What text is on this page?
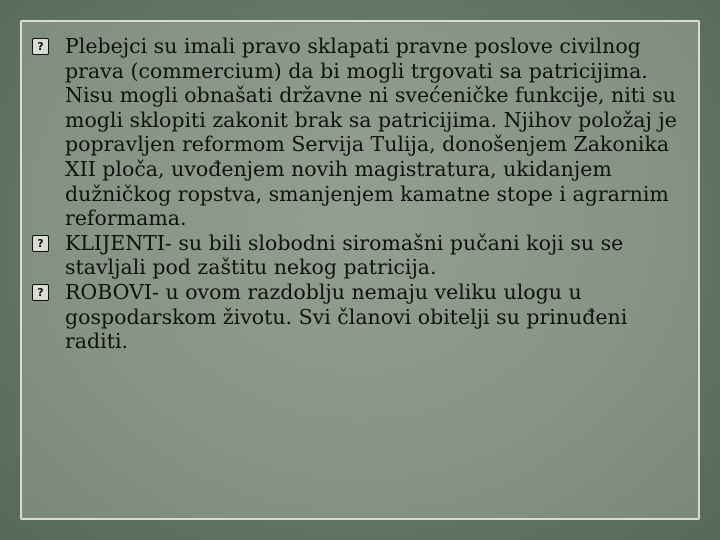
? Plebejci su imali pravo sklapati pravne poslove civilnog prava (commercium) da bi mogli trgovati sa patricijima. Nisu mogli obnašati državne ni svećeničke funkcije, niti su mogli sklopiti zakonit brak sa patricijima. Njihov položaj je popravljen reformom Servija Tulija, donošenjem Zakonika XII ploča, uvođenjem novih magistratura, ukidanjem dužničkog ropstva, smanjenjem kamatne stope i agrarnim reformama.

? KLIJENTI- su bili slobodni siromašni pučani koji su se stavljali pod zaštitu nekog patricija.

? ROBOVI- u ovom razdoblju nemaju veliku ulogu u gospodarskom životu. Svi članovi obitelji su prinuđeni raditi.
